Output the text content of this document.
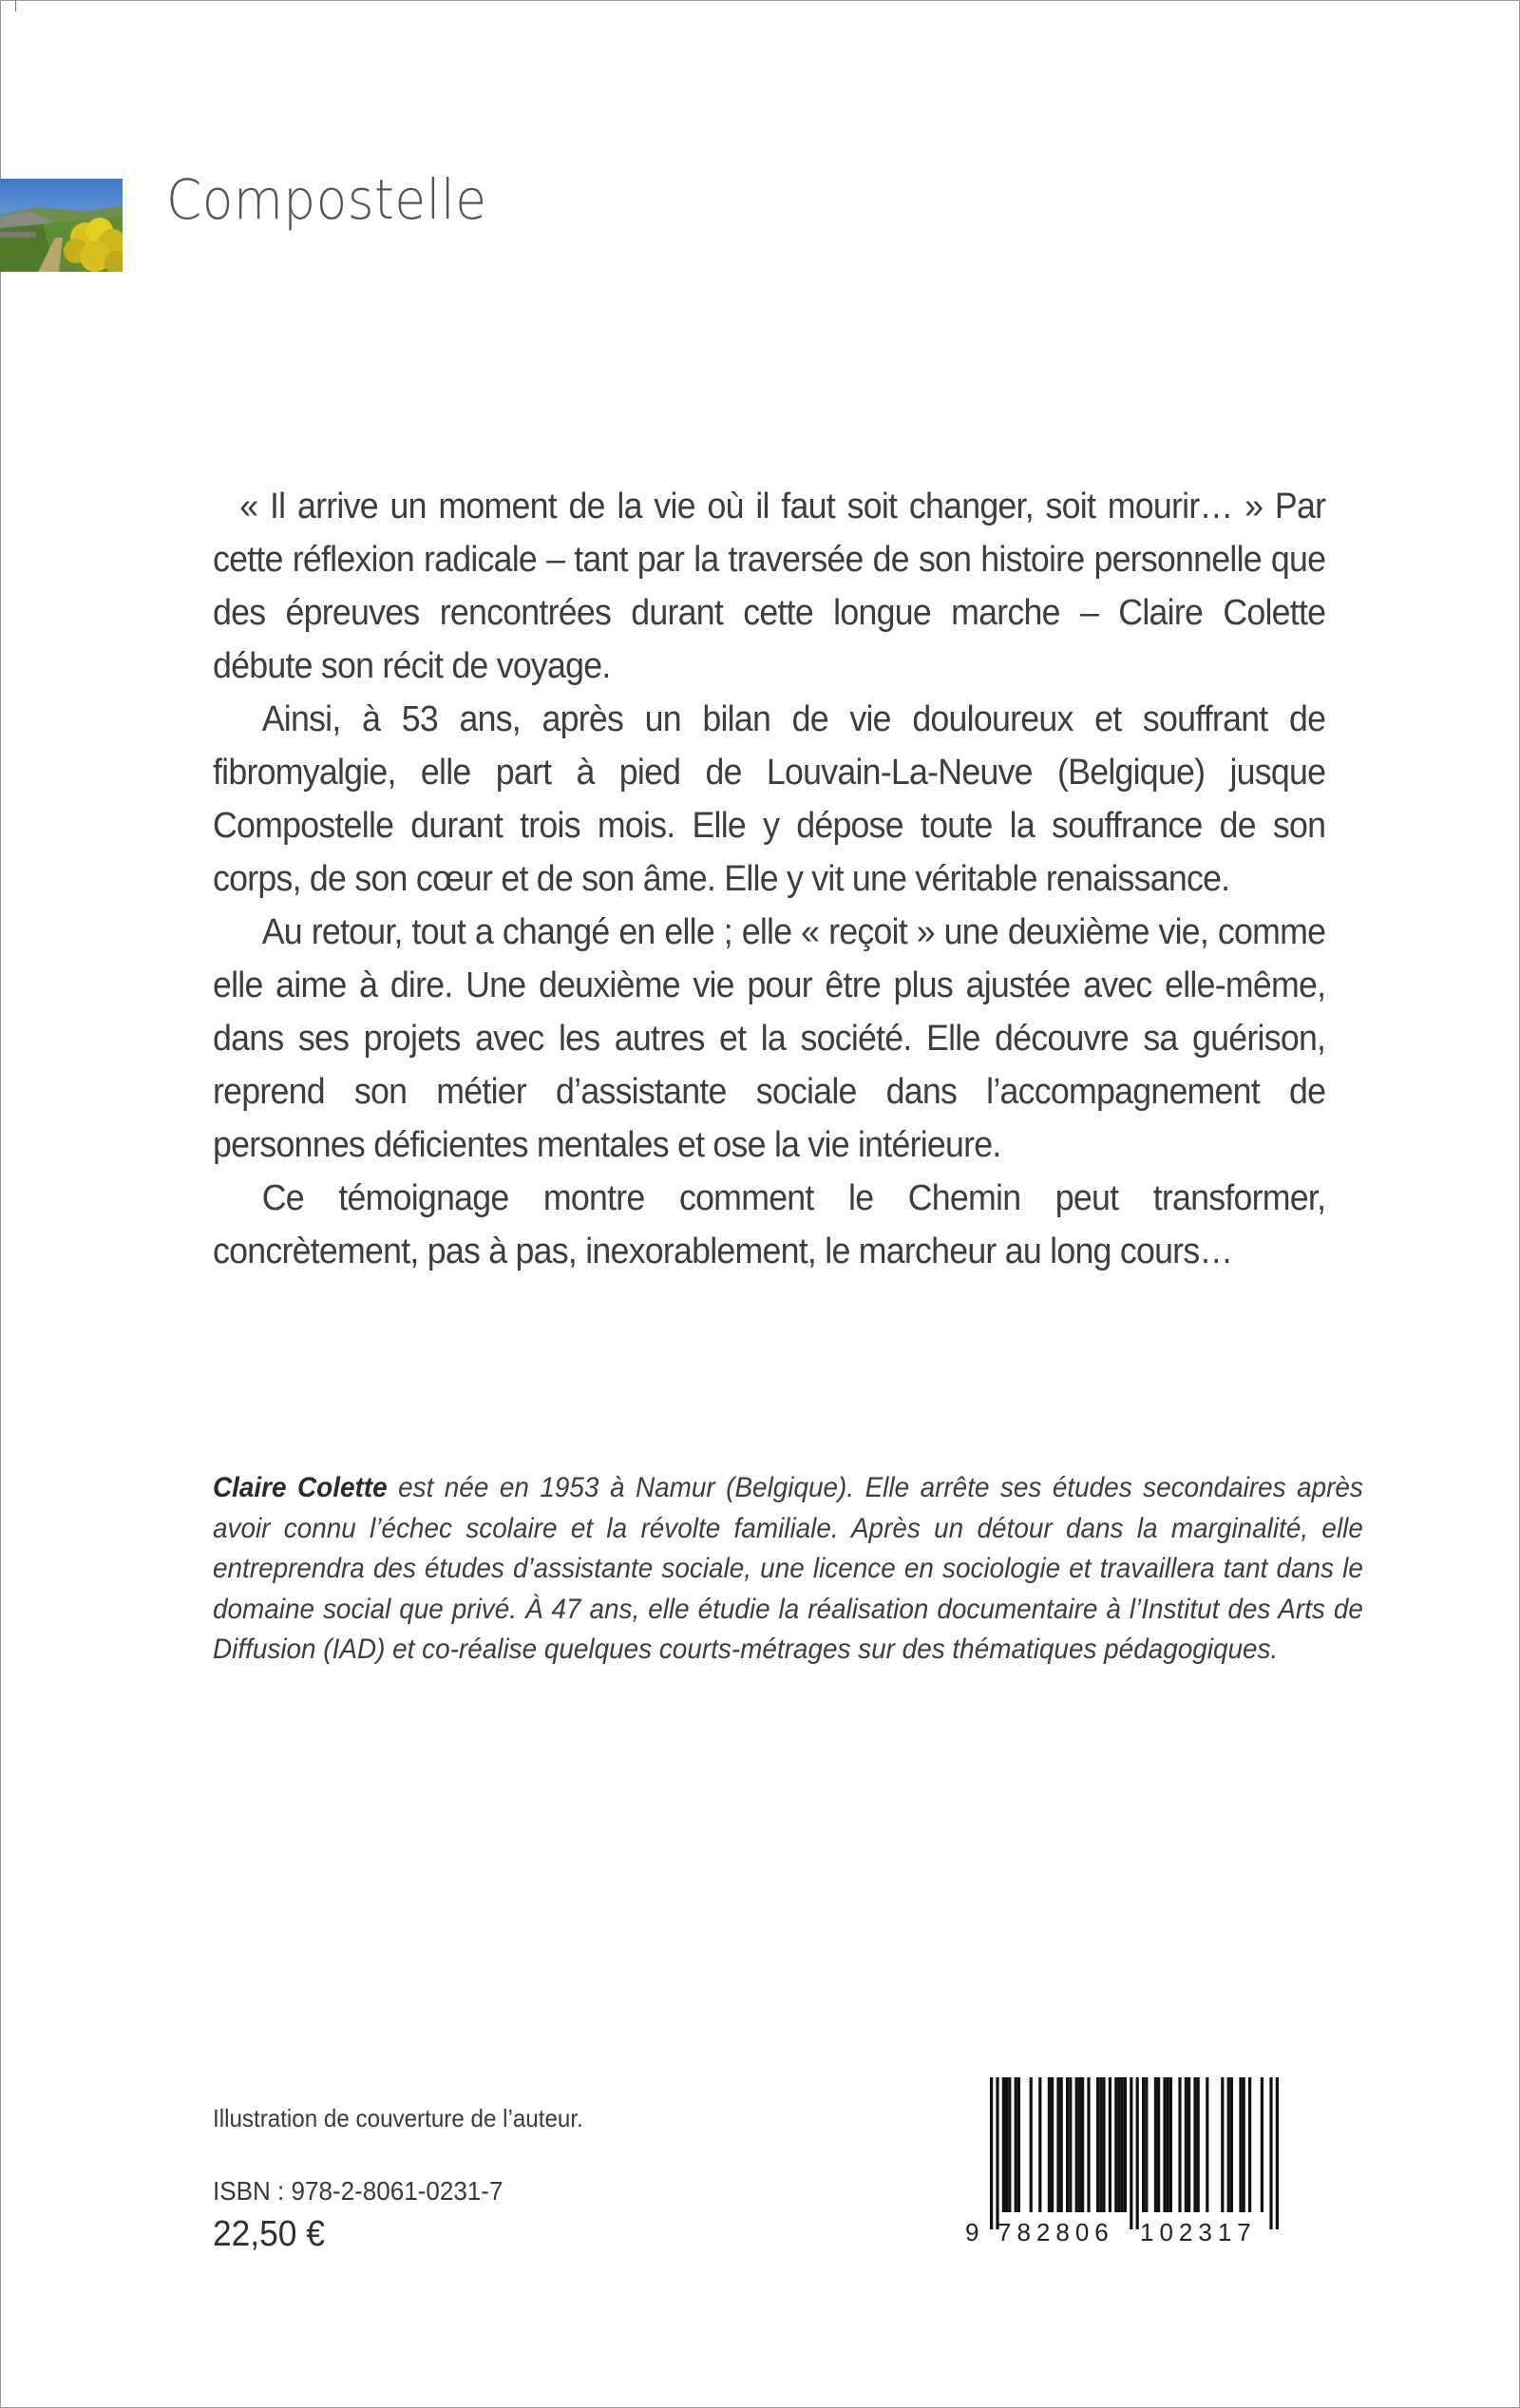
Compostelle

« Il arrive un moment de la vie où il faut soit changer, soit mourir… » Par cette réflexion radicale – tant par la traversée de son histoire personnelle que des épreuves rencontrées durant cette longue marche – Claire Colette débute son récit de voyage.

Ainsi, à 53 ans, après un bilan de vie douloureux et souffrant de fibromyalgie, elle part à pied de Louvain-La-Neuve (Belgique) jusque Compostelle durant trois mois. Elle y dépose toute la souffrance de son corps, de son cœur et de son âme. Elle y vit une véritable renaissance.

Au retour, tout a changé en elle ; elle « reçoit » une deuxième vie, comme elle aime à dire. Une deuxième vie pour être plus ajustée avec elle-même, dans ses projets avec les autres et la société. Elle découvre sa guérison, reprend son métier d’assistante sociale dans l’accompagnement de personnes déficientes mentales et ose la vie intérieure.

Ce témoignage montre comment le Chemin peut transformer, concrètement, pas à pas, inexorablement, le marcheur au long cours…

Claire Colette est née en 1953 à Namur (Belgique). Elle arrête ses études secondaires après avoir connu l’échec scolaire et la révolte familiale. Après un détour dans la marginalité, elle entreprendra des études d’assistante sociale, une licence en sociologie et travaillera tant dans le domaine social que privé. À 47 ans, elle étudie la réalisation documentaire à l’Institut des Arts de Diffusion (IAD) et co-réalise quelques courts-métrages sur des thématiques pédagogiques.
Illustration de couverture de l’auteur.
ISBN : 978-2-8061-0231-7
22,50 €	9 782806 102317
